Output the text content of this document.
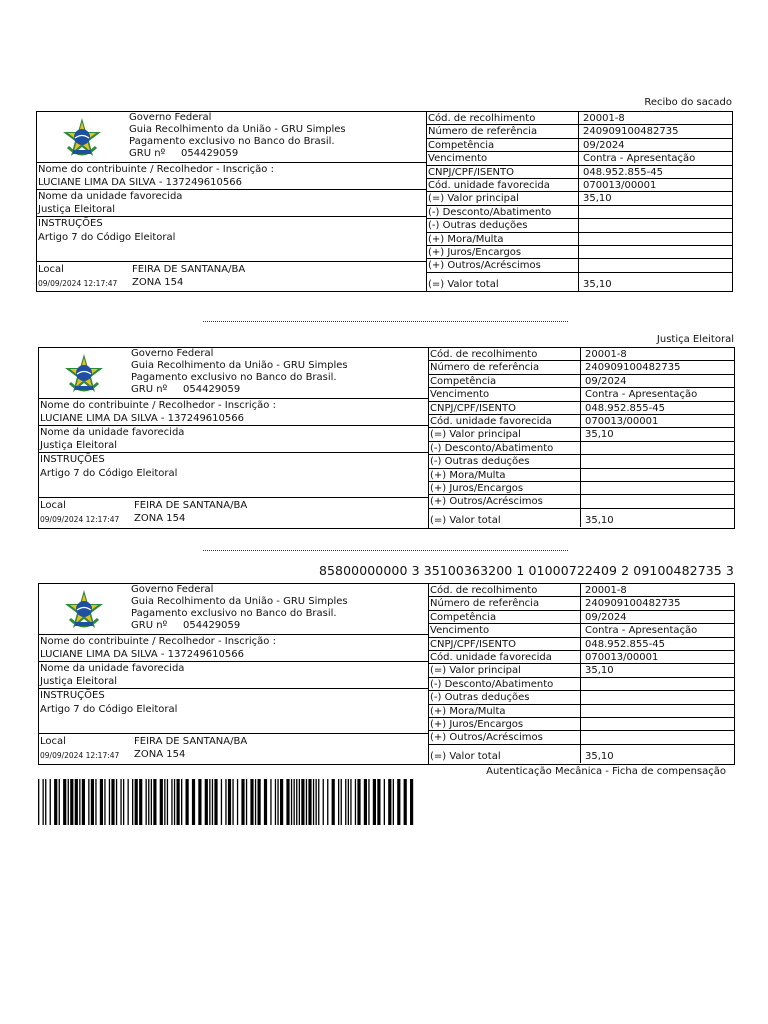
Recibo do sacado
Justiça Eleitoral
85800000000 3 35100363200 1 01000722409 2 09100482735 3
Autenticação Mecânica - Ficha de compensação
Governo Federal
Guia Recolhimento da União - GRU Simples
Pagamento exclusivo no Banco do Brasil.
GRU nº 054429059
Nome do contribuinte / Recolhedor - Inscrição :
LUCIANE LIMA DA SILVA - 137249610566
Nome da unidade favorecida
Justiça Eleitoral
INSTRUÇÕES
Artigo 7 do Código Eleitoral
Local	FEIRA DE SANTANA/BA
09/09/2024 12:17:47 ZONA 154
Cód. de recolhimento	20001-8
Número de referência	240909100482735
Competência	09/2024
Vencimento	Contra - Apresentação
CNPJ/CPF/ISENTO	048.952.855-45
Cód. unidade favorecida	070013/00001
(=) Valor principal	35,10
(-) Desconto/Abatimento
(-) Outras deduções
(+) Mora/Multa
(+) Juros/Encargos
(+) Outros/Acréscimos
(=) Valor total	35,10
Governo Federal
Guia Recolhimento da União - GRU Simples
Pagamento exclusivo no Banco do Brasil.
GRU nº 054429059
Nome do contribuinte / Recolhedor - Inscrição :
LUCIANE LIMA DA SILVA - 137249610566
Nome da unidade favorecida
Justiça Eleitoral
INSTRUÇÕES
Artigo 7 do Código Eleitoral
Local	FEIRA DE SANTANA/BA
09/09/2024 12:17:47 ZONA 154
Cód. de recolhimento	20001-8
Número de referência	240909100482735
Competência	09/2024
Vencimento	Contra - Apresentação
CNPJ/CPF/ISENTO	048.952.855-45
Cód. unidade favorecida	070013/00001
(=) Valor principal	35,10
(-) Desconto/Abatimento
(-) Outras deduções
(+) Mora/Multa
(+) Juros/Encargos
(+) Outros/Acréscimos
(=) Valor total	35,10
Governo Federal
Guia Recolhimento da União - GRU Simples
Pagamento exclusivo no Banco do Brasil.
GRU nº 054429059
Nome do contribuinte / Recolhedor - Inscrição :
LUCIANE LIMA DA SILVA - 137249610566
Nome da unidade favorecida
Justiça Eleitoral
INSTRUÇÕES
Artigo 7 do Código Eleitoral
Local	FEIRA DE SANTANA/BA
09/09/2024 12:17:47 ZONA 154
Cód. de recolhimento	20001-8
Número de referência	240909100482735
Competência	09/2024
Vencimento	Contra - Apresentação
CNPJ/CPF/ISENTO	048.952.855-45
Cód. unidade favorecida	070013/00001
(=) Valor principal	35,10
(-) Desconto/Abatimento
(-) Outras deduções
(+) Mora/Multa
(+) Juros/Encargos
(+) Outros/Acréscimos
(=) Valor total	35,10
